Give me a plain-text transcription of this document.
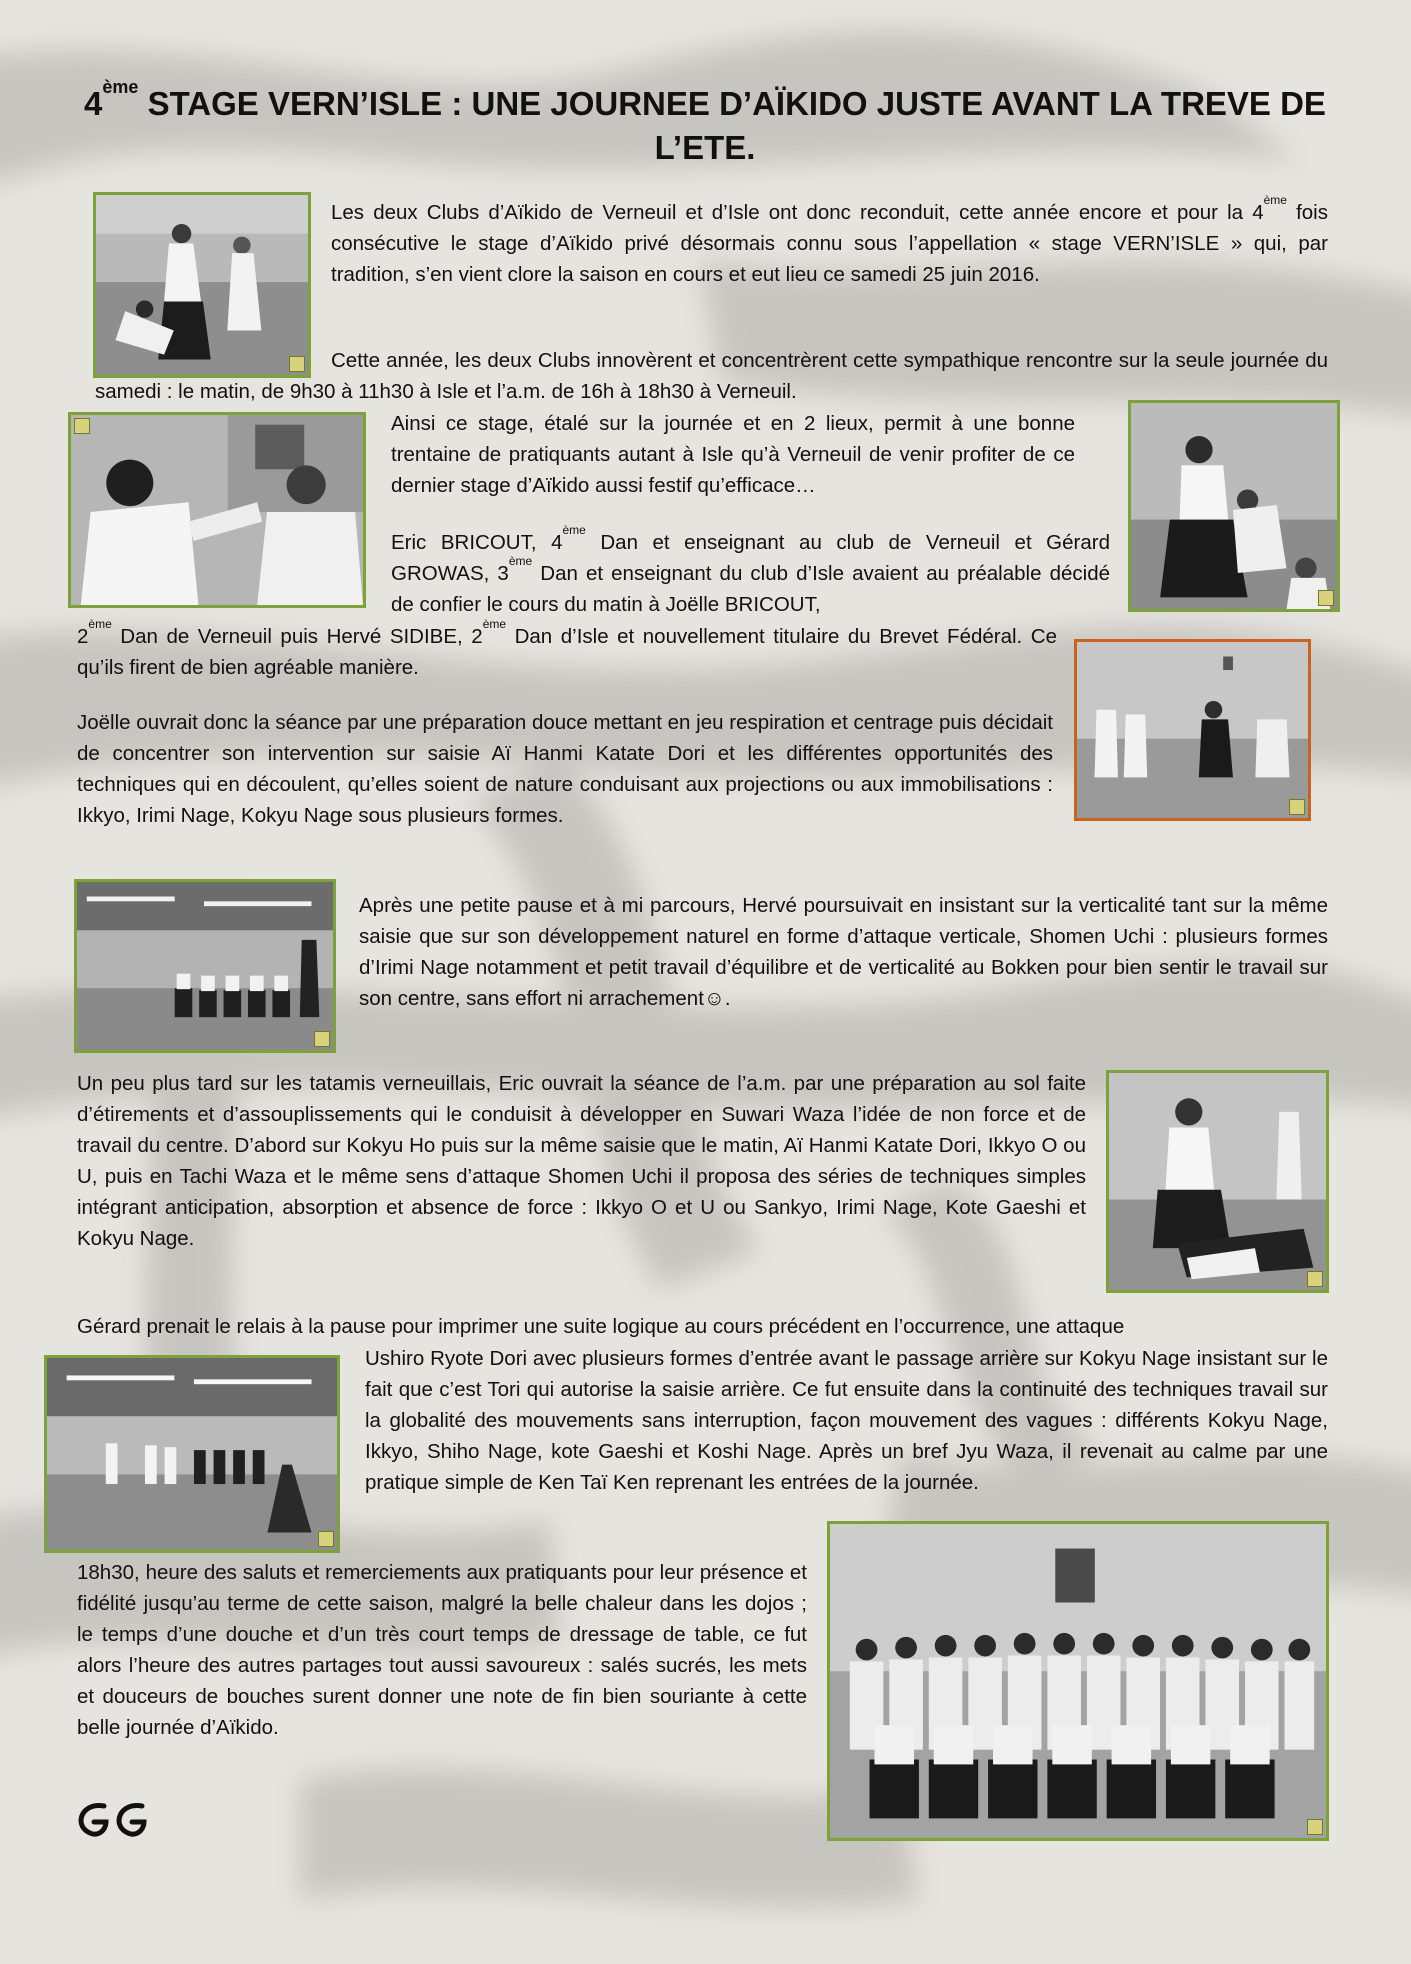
4ème STAGE VERN’ISLE : UNE JOURNEE D’AÏKIDO JUSTE AVANT LA TREVE DE L’ETE.

Les deux Clubs d’Aïkido de Verneuil et d’Isle ont donc reconduit, cette année encore et pour la 4ème fois consécutive le stage d’Aïkido privé désormais connu sous l’appellation « stage VERN’ISLE » qui, par tradition, s’en vient clore la saison en cours et eut lieu ce samedi 25 juin 2016.

Cette année, les deux Clubs innovèrent et concentrèrent cette sympathique rencontre sur la seule journée du samedi : le matin, de 9h30 à 11h30 à Isle et l’a.m. de 16h à 18h30 à Verneuil.

Ainsi ce stage, étalé sur la journée et en 2 lieux, permit à une bonne trentaine de pratiquants autant à Isle qu’à Verneuil de venir profiter de ce dernier stage d’Aïkido aussi festif qu’efficace…

Eric BRICOUT, 4ème Dan et enseignant au club de Verneuil et Gérard GROWAS, 3ème Dan et enseignant du club d’Isle avaient au préalable décidé de confier le cours du matin à Joëlle BRICOUT,

2ème Dan de Verneuil puis Hervé SIDIBE, 2ème Dan d’Isle et nouvellement titulaire du Brevet Fédéral. Ce qu’ils firent de bien agréable manière.

Joëlle ouvrait donc la séance par une préparation douce mettant en jeu respiration et centrage puis décidait de concentrer son intervention sur saisie Aï Hanmi Katate Dori et les différentes opportunités des techniques qui en découlent, qu’elles soient de nature conduisant aux projections ou aux immobilisations : Ikkyo, Irimi Nage, Kokyu Nage sous plusieurs formes.

Après une petite pause et à mi parcours, Hervé poursuivait en insistant sur la verticalité tant sur la même saisie que sur son développement naturel en forme d’attaque verticale, Shomen Uchi : plusieurs formes d’Irimi Nage notamment et petit travail d’équilibre et de verticalité au Bokken pour bien sentir le travail sur son centre, sans effort ni arrachement☺.

Un peu plus tard sur les tatamis verneuillais, Eric ouvrait la séance de l’a.m. par une préparation au sol faite d’étirements et d’assouplissements qui le conduisit à développer en Suwari Waza l’idée de non force et de travail du centre. D’abord sur Kokyu Ho puis sur la même saisie que le matin, Aï Hanmi Katate Dori, Ikkyo O ou U, puis en Tachi Waza et le même sens d’attaque Shomen Uchi il proposa des séries de techniques simples intégrant anticipation, absorption et absence de force : Ikkyo O et U ou Sankyo, Irimi Nage, Kote Gaeshi et Kokyu Nage.

Gérard prenait le relais à la pause pour imprimer une suite logique au cours précédent en l’occurrence, une attaque

Ushiro Ryote Dori avec plusieurs formes d’entrée avant le passage arrière sur Kokyu Nage insistant sur le fait que c’est Tori qui autorise la saisie arrière. Ce fut ensuite dans la continuité des techniques travail sur la globalité des mouvements sans interruption, façon mouvement des vagues : différents Kokyu Nage, Ikkyo, Shiho Nage, kote Gaeshi et Koshi Nage. Après un bref Jyu Waza, il revenait au calme par une pratique simple de Ken Taï Ken reprenant les entrées de la journée.

18h30, heure des saluts et remerciements aux pratiquants pour leur présence et fidélité jusqu’au terme de cette saison, malgré la belle chaleur dans les dojos ; le temps d’une douche et d’un très court temps de dressage de table, ce fut alors l’heure des autres partages tout aussi savoureux : salés sucrés, les mets et douceurs de bouches surent donner une note de fin bien souriante à cette belle journée d’Aïkido.
